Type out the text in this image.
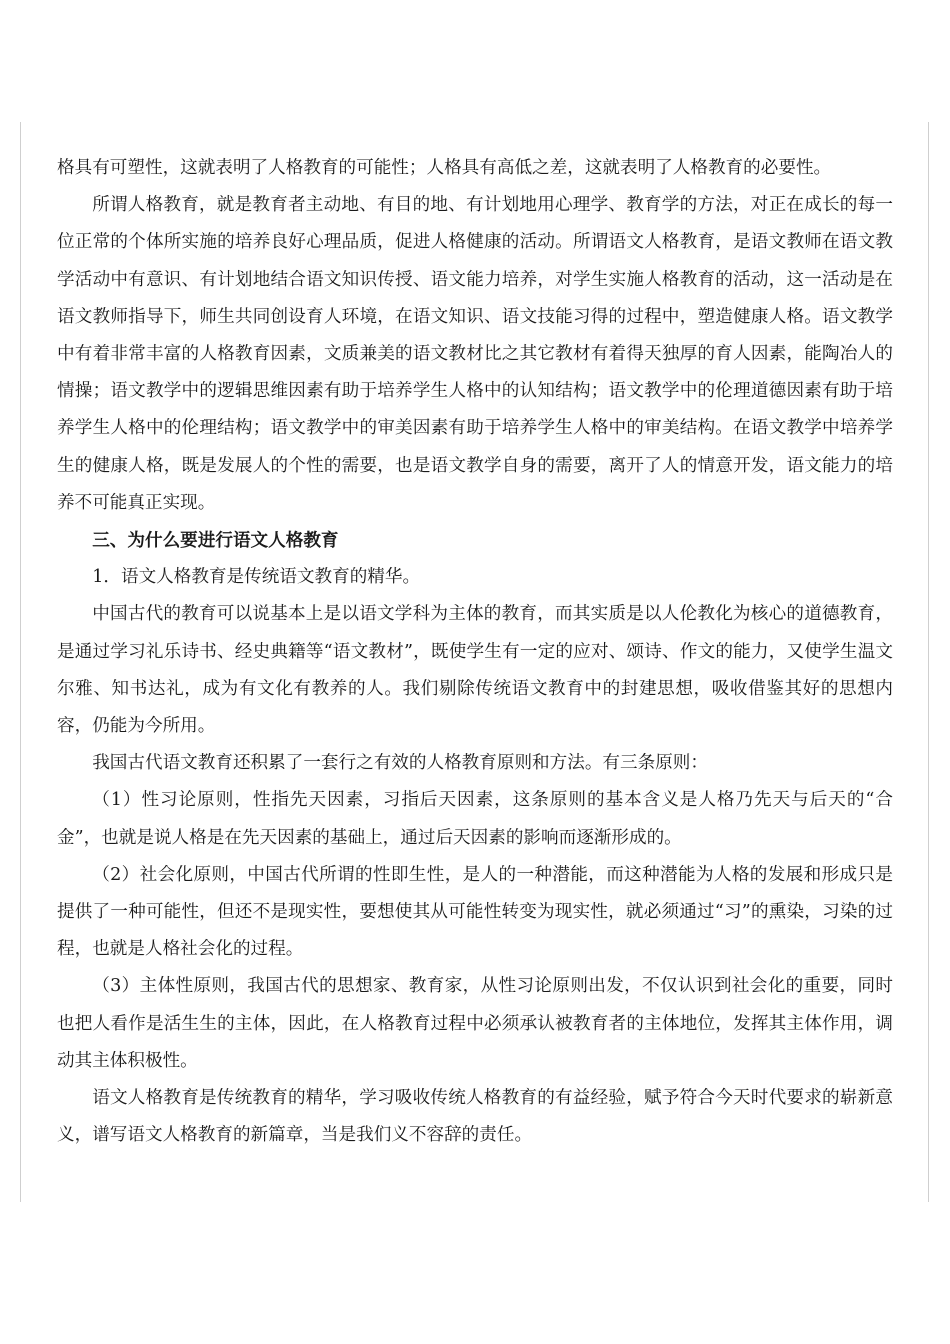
格具有可塑性，这就表明了人格教育的可能性；人格具有高低之差，这就表明了人格教育的必要性。

所谓人格教育，就是教育者主动地、有目的地、有计划地用心理学、教育学的方法，对正在成长的每一位正常的个体所实施的培养良好心理品质，促进人格健康的活动。所谓语文人格教育，是语文教师在语文教学活动中有意识、有计划地结合语文知识传授、语文能力培养，对学生实施人格教育的活动，这一活动是在语文教师指导下，师生共同创设育人环境，在语文知识、语文技能习得的过程中，塑造健康人格。语文教学中有着非常丰富的人格教育因素，文质兼美的语文教材比之其它教材有着得天独厚的育人因素，能陶冶人的情操；语文教学中的逻辑思维因素有助于培养学生人格中的认知结构；语文教学中的伦理道德因素有助于培养学生人格中的伦理结构；语文教学中的审美因素有助于培养学生人格中的审美结构。在语文教学中培养学生的健康人格，既是发展人的个性的需要，也是语文教学自身的需要，离开了人的情意开发，语文能力的培养不可能真正实现。

三、为什么要进行语文人格教育

1．语文人格教育是传统语文教育的精华。

中国古代的教育可以说基本上是以语文学科为主体的教育，而其实质是以人伦教化为核心的道德教育，是通过学习礼乐诗书、经史典籍等“语文教材”，既使学生有一定的应对、颂诗、作文的能力，又使学生温文尔雅、知书达礼，成为有文化有教养的人。我们剔除传统语文教育中的封建思想，吸收借鉴其好的思想内容，仍能为今所用。

我国古代语文教育还积累了一套行之有效的人格教育原则和方法。有三条原则：

（1）性习论原则，性指先天因素，习指后天因素，这条原则的基本含义是人格乃先天与后天的“合金”，也就是说人格是在先天因素的基础上，通过后天因素的影响而逐渐形成的。

（2）社会化原则，中国古代所谓的性即生性，是人的一种潜能，而这种潜能为人格的发展和形成只是提供了一种可能性，但还不是现实性，要想使其从可能性转变为现实性，就必须通过“习”的熏染，习染的过程，也就是人格社会化的过程。

（3）主体性原则，我国古代的思想家、教育家，从性习论原则出发，不仅认识到社会化的重要，同时也把人看作是活生生的主体，因此，在人格教育过程中必须承认被教育者的主体地位，发挥其主体作用，调动其主体积极性。

语文人格教育是传统教育的精华，学习吸收传统人格教育的有益经验，赋予符合今天时代要求的崭新意义，谱写语文人格教育的新篇章，当是我们义不容辞的责任。
